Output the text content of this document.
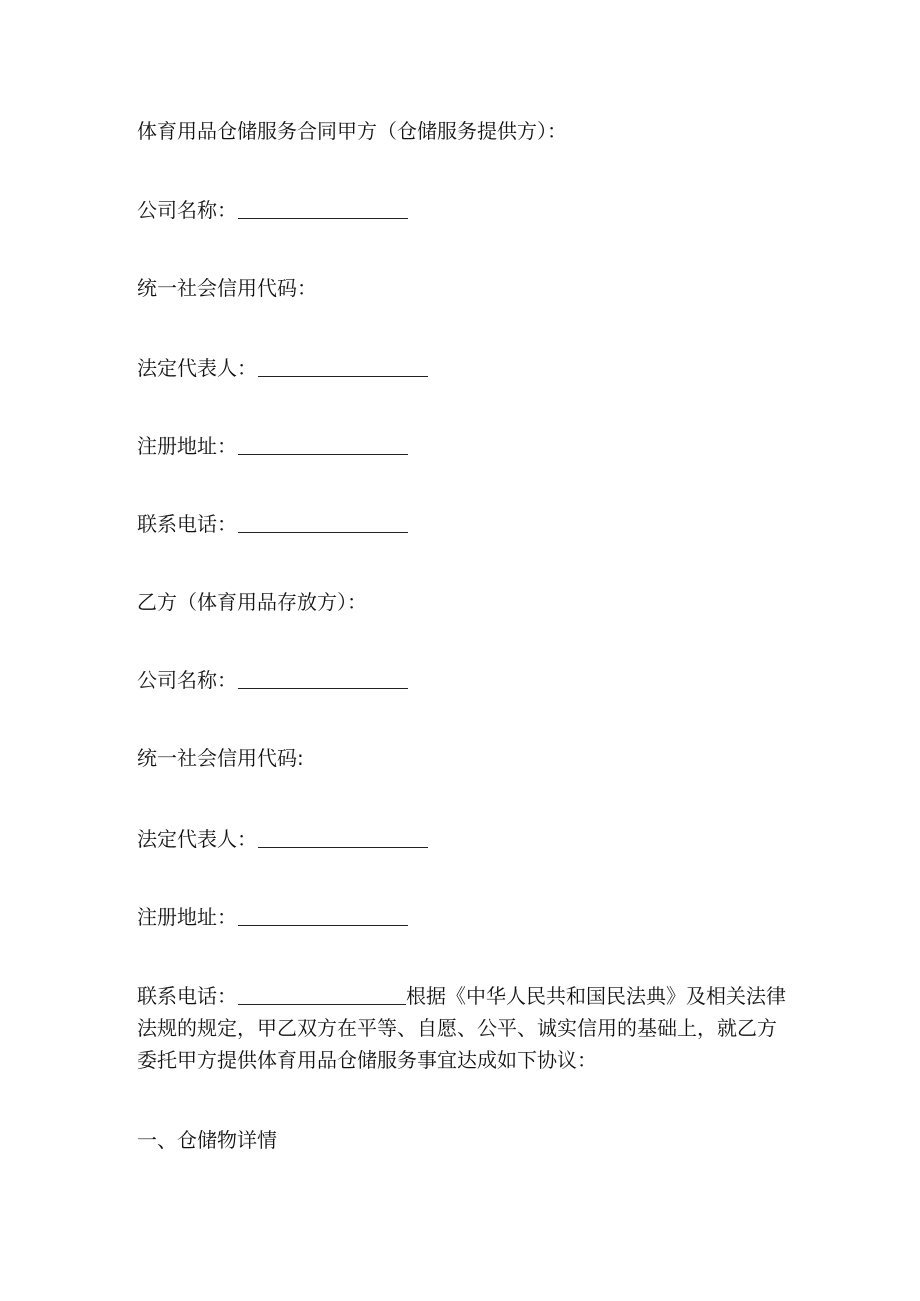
体育用品仓储服务合同甲方（仓储服务提供方）：
公司名称：
统一社会信用代码：
法定代表人：
注册地址：
联系电话：
乙方（体育用品存放方）：
公司名称：
统一社会信用代码:
法定代表人：
注册地址：
联系电话：	根据《中华人民共和国民法典》及相关法律
法规的规定，甲乙双方在平等、自愿、公平、诚实信用的基础上，就乙方
委托甲方提供体育用品仓储服务事宜达成如下协议：
一、仓储物详情
